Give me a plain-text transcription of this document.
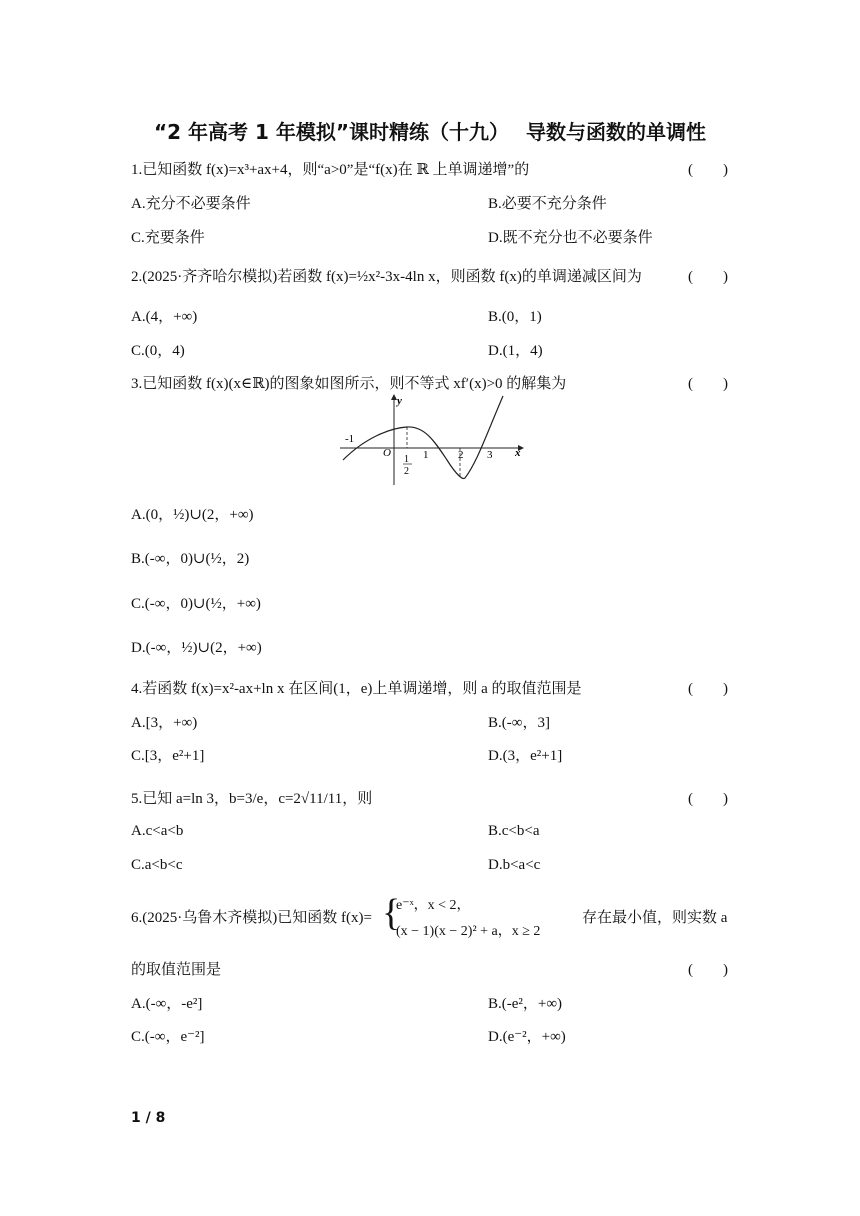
“2 年高考 1 年模拟”课时精练（十九）　 导数与函数的单调性
1.已知函数 f(x)=x³+ax+4，则“a>0”是“f(x)在 ℝ 上单调递增”的	(　　)
A.充分不必要条件	B.必要不充分条件
C.充要条件	D.既不充分也不必要条件
2.(2025·齐齐哈尔模拟)若函数 f(x)=½x²-3x-4ln x，则函数 f(x)的单调递减区间为	(　　)
A.(4，+∞)	B.(0，1)
C.(0，4)	D.(1，4)
3.已知函数 f(x)(x∈ℝ)的图象如图所示，则不等式 xf′(x)>0 的解集为	(　　)
y
x
O
-1
1
2
1	2 3
A.(0，½)∪(2，+∞)
B.(-∞，0)∪(½，2)
C.(-∞，0)∪(½，+∞)
D.(-∞，½)∪(2，+∞)
4.若函数 f(x)=x²-ax+ln x 在区间(1，e)上单调递增，则 a 的取值范围是	(　　)
A.[3，+∞)	B.(-∞，3]
C.[3，e²+1]	D.(3，e²+1]
5.已知 a=ln 3，b=3/e，c=2√11/11，则	(　　)
A.c<a<b	B.c<b<a
C.a<b<c	D.b<a<c
6.(2025·乌鲁木齐模拟)已知函数 f(x)= {
e⁻ˣ，x < 2，
(x − 1)(x − 2)² + a，x ≥ 2
存在最小值，则实数 a
的取值范围是	(　　)
A.(-∞，-e²]	B.(-e²，+∞)
C.(-∞，e⁻²]	D.(e⁻²，+∞)
1 / 8
